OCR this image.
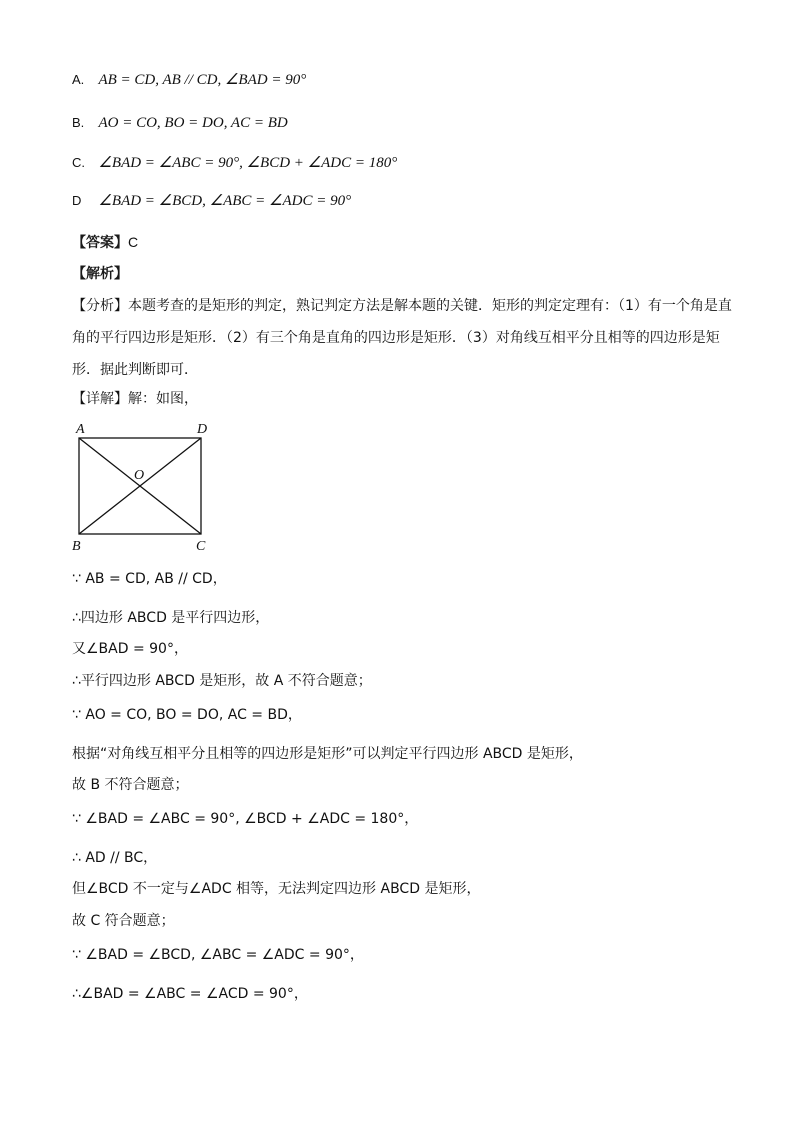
A. AB = CD, AB // CD, ∠BAD = 90°
B. AO = CO, BO = DO, AC = BD
C. ∠BAD = ∠ABC = 90°, ∠BCD + ∠ADC = 180°
D ∠BAD = ∠BCD, ∠ABC = ∠ADC = 90°
【答案】C
【解析】
【分析】本题考查的是矩形的判定，熟记判定方法是解本题的关键．矩形的判定定理有：（1）有一个角是直角的平行四边形是矩形．（2）有三个角是直角的四边形是矩形．（3）对角线互相平分且相等的四边形是矩形．据此判断即可．
【详解】解：如图，
A	D
B	C
O
∵ AB = CD, AB // CD，
∴四边形 ABCD 是平行四边形，
又∠BAD = 90°，
∴平行四边形 ABCD 是矩形，故 A 不符合题意；
∵ AO = CO, BO = DO, AC = BD，
根据“对角线互相平分且相等的四边形是矩形”可以判定平行四边形 ABCD 是矩形，
故 B 不符合题意；
∵ ∠BAD = ∠ABC = 90°, ∠BCD + ∠ADC = 180°，
∴ AD // BC，
但∠BCD 不一定与∠ADC 相等，无法判定四边形 ABCD 是矩形，
故 C 符合题意；
∵ ∠BAD = ∠BCD, ∠ABC = ∠ADC = 90°，
∴∠BAD = ∠ABC = ∠ACD = 90°，
